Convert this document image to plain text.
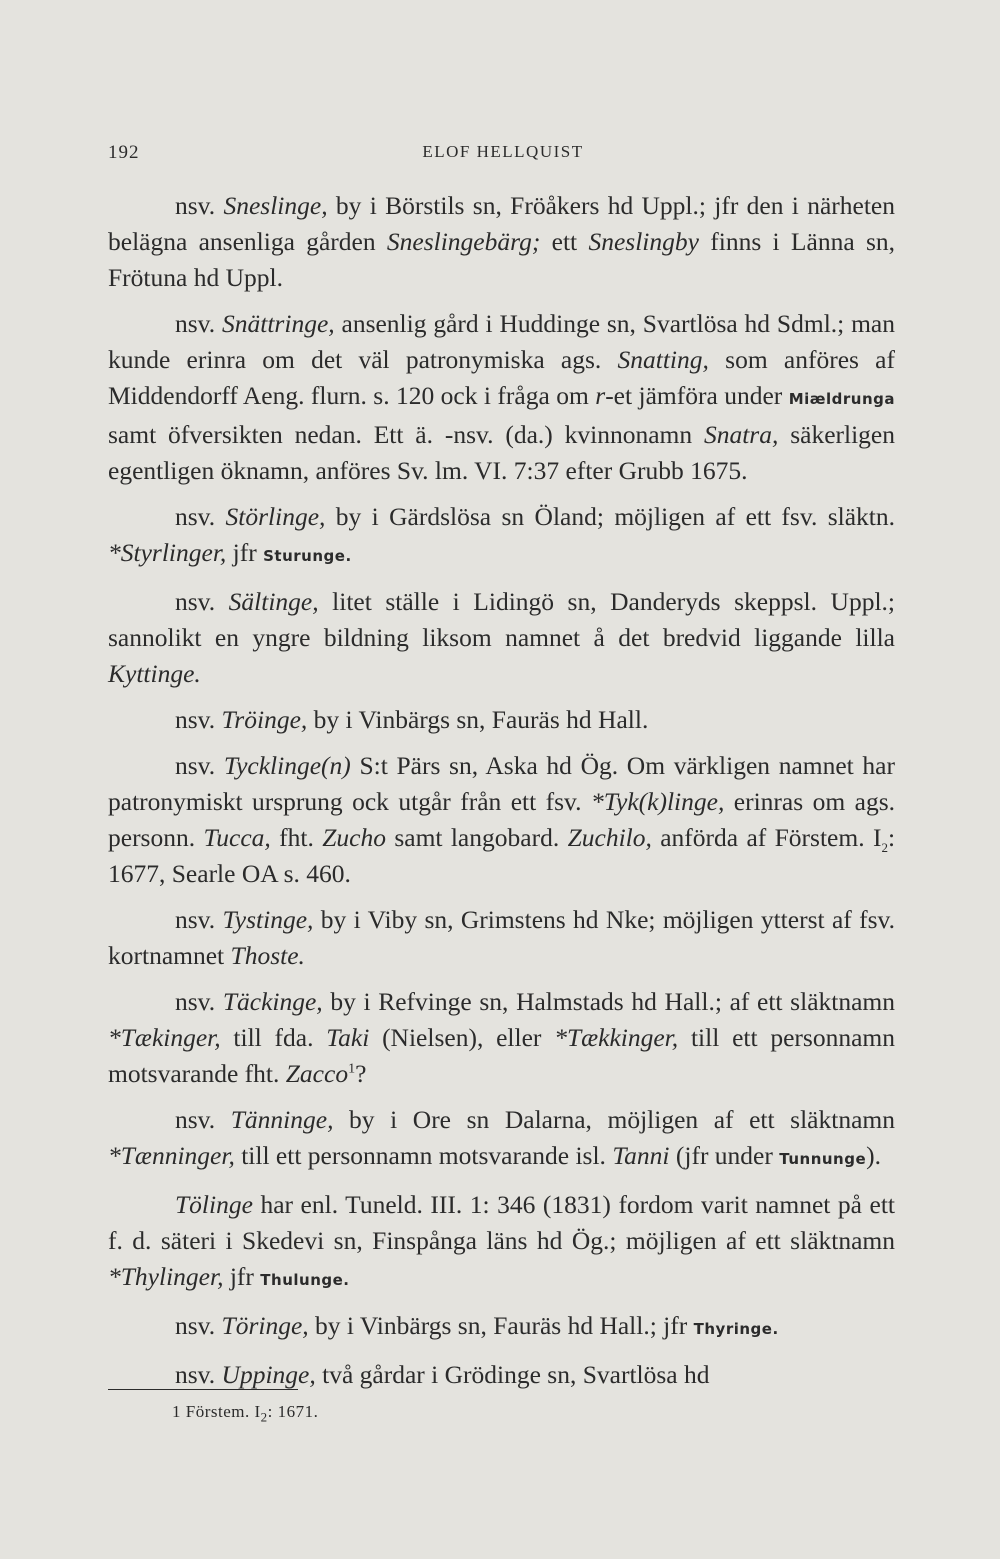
192	ELOF HELLQUIST

nsv. Sneslinge, by i Börstils sn, Fröåkers hd Uppl.; jfr den i närheten belägna ansenliga gården Sneslingebärg; ett Sneslingby finns i Länna sn, Frötuna hd Uppl.

nsv. Snättringe, ansenlig gård i Huddinge sn, Svartlösa hd Sdml.; man kunde erinra om det väl patronymiska ags. Snatting, som anföres af Middendorff Aeng. flurn. s. 120 ock i fråga om r-et jämföra under Miældrunga samt öfversikten nedan. Ett ä. -nsv. (da.) kvinnonamn Snatra, säkerligen egentligen öknamn, anföres Sv. lm. VI. 7:37 efter Grubb 1675.

nsv. Störlinge, by i Gärdslösa sn Öland; möjligen af ett fsv. släktn. *Styrlinger, jfr Sturunge.

nsv. Sältinge, litet ställe i Lidingö sn, Danderyds skeppsl. Uppl.; sannolikt en yngre bildning liksom namnet å det bredvid liggande lilla Kyttinge.

nsv. Tröinge, by i Vinbärgs sn, Fauräs hd Hall.

nsv. Tycklinge(n) S:t Pärs sn, Aska hd Ög. Om värkligen namnet har patronymiskt ursprung ock utgår från ett fsv. *Tyk(k)linge, erinras om ags. personn. Tucca, fht. Zucho samt langobard. Zuchilo, anförda af Förstem. $I_2$: 1677, Searle OA s. 460.

nsv. Tystinge, by i Viby sn, Grimstens hd Nke; möjligen ytterst af fsv. kortnamnet Thoste.

nsv. Täckinge, by i Refvinge sn, Halmstads hd Hall.; af ett släktnamn *Tækinger, till fda. Taki (Nielsen), eller *Tækkinger, till ett personnamn motsvarande fht. Zacco$^1$?

nsv. Tänninge, by i Ore sn Dalarna, möjligen af ett släktnamn *Tænninger, till ett personnamn motsvarande isl. Tanni (jfr under Tunnunge).

Tölinge har enl. Tuneld. III. 1: 346 (1831) fordom varit namnet på ett f. d. säteri i Skedevi sn, Finspånga läns hd Ög.; möjligen af ett släktnamn *Thylinger, jfr Thulunge.

nsv. Töringe, by i Vinbärgs sn, Fauräs hd Hall.; jfr Thyringe.

nsv. Uppinge, två gårdar i Grödinge sn, Svartlösa hd

1 Förstem. $I_2$: 1671.
